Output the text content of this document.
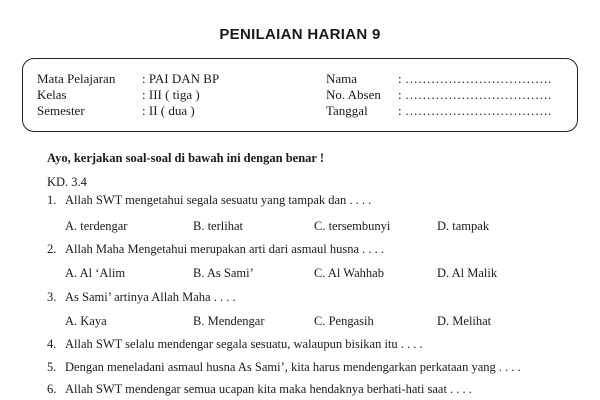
PENILAIAN HARIAN 9
Mata Pelajaran : PAI DAN BP
Kelas	: III ( tiga )
Semester	: II ( dua )
Nama	: …………………………….
No. Absen : …………………………….
Tanggal : …………………………….
Ayo, kerjakan soal-soal di bawah ini dengan benar !
KD. 3.4
1. Allah SWT mengetahui segala sesuatu yang tampak dan . . . .
A. terdengar	B. terlihat	C. tersembunyi	D. tampak
2. Allah Maha Mengetahui merupakan arti dari asmaul husna . . . .
A. Al ‘Alim	B. As Sami’	C. Al Wahhab	D. Al Malik
3. As Sami’ artinya Allah Maha . . . .
A. Kaya	B. Mendengar	C. Pengasih	D. Melihat
4. Allah SWT selalu mendengar segala sesuatu, walaupun bisikan itu . . . .
5. Dengan meneladani asmaul husna As Sami’, kita harus mendengarkan perkataan yang . . . .
6. Allah SWT mendengar semua ucapan kita maka hendaknya berhati-hati saat . . . .
